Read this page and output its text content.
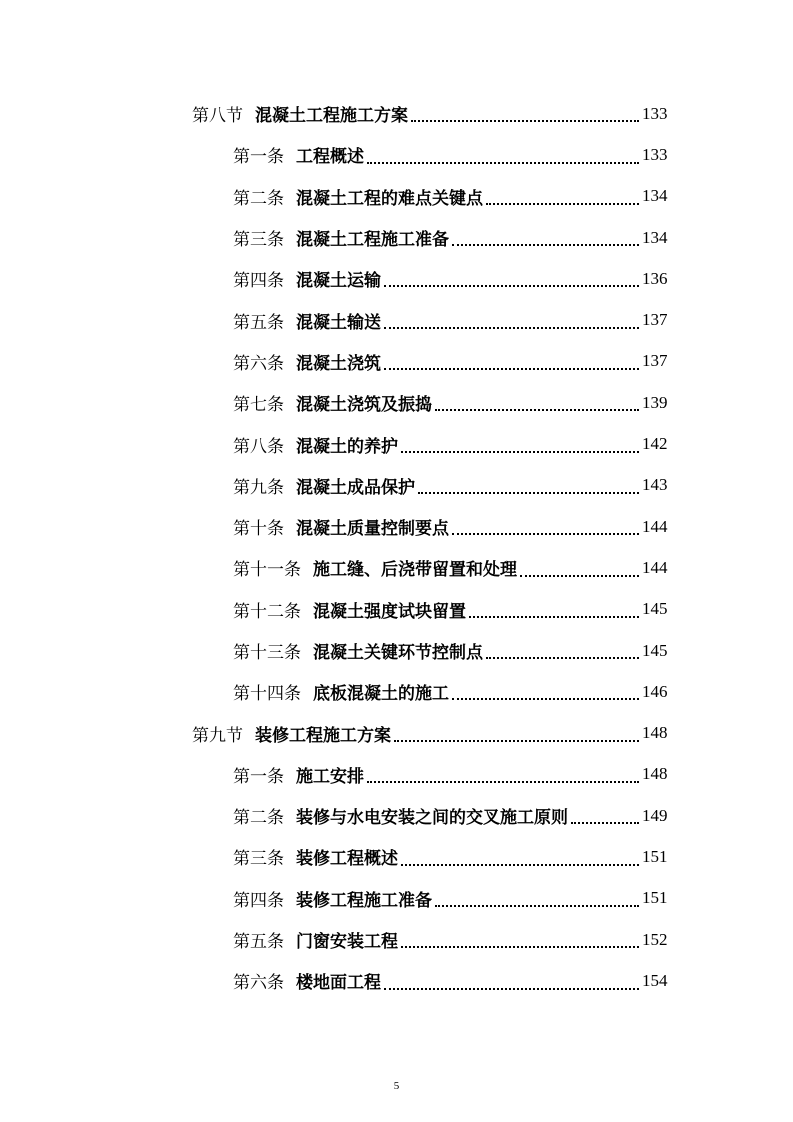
第八节 混凝土工程施工方案	133
第一条 工程概述	133
第二条 混凝土工程的难点关键点	134
第三条 混凝土工程施工准备	134
第四条 混凝土运输	136
第五条 混凝土输送	137
第六条 混凝土浇筑	137
第七条 混凝土浇筑及振捣	139
第八条 混凝土的养护	142
第九条 混凝土成品保护	143
第十条 混凝土质量控制要点	144
第十一条 施工缝、后浇带留置和处理	144
第十二条 混凝土强度试块留置	145
第十三条 混凝土关键环节控制点	145
第十四条 底板混凝土的施工	146
第九节 装修工程施工方案	148
第一条 施工安排	148
第二条 装修与水电安装之间的交叉施工原则	149
第三条 装修工程概述	151
第四条 装修工程施工准备	151
第五条 门窗安装工程	152
第六条 楼地面工程	154
5
